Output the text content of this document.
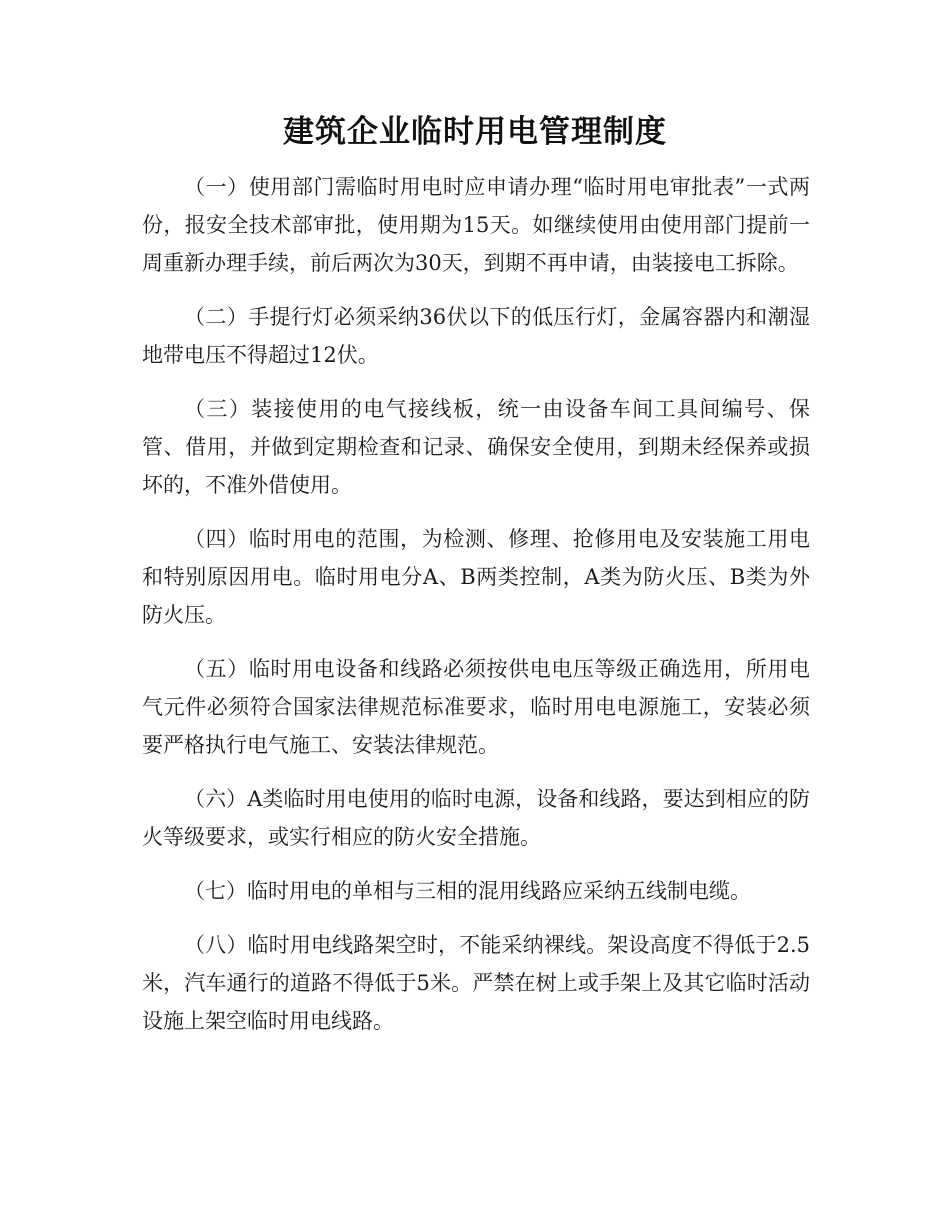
建筑企业临时用电管理制度

（一）使用部门需临时用电时应申请办理“临时用电审批表”一式两份，报安全技术部审批，使用期为15天。如继续使用由使用部门提前一周重新办理手续，前后两次为30天，到期不再申请，由装接电工拆除。

（二）手提行灯必须采纳36伏以下的低压行灯，金属容器内和潮湿地带电压不得超过12伏。

（三）装接使用的电气接线板，统一由设备车间工具间编号、保管、借用，并做到定期检查和记录、确保安全使用，到期未经保养或损坏的，不准外借使用。

（四）临时用电的范围，为检测、修理、抢修用电及安装施工用电和特别原因用电。临时用电分A、B两类控制，A类为防火压、B类为外防火压。

（五）临时用电设备和线路必须按供电电压等级正确选用，所用电气元件必须符合国家法律规范标准要求，临时用电电源施工，安装必须要严格执行电气施工、安装法律规范。

（六）A类临时用电使用的临时电源，设备和线路，要达到相应的防火等级要求，或实行相应的防火安全措施。

（七）临时用电的单相与三相的混用线路应采纳五线制电缆。

（八）临时用电线路架空时，不能采纳裸线。架设高度不得低于2.5米，汽车通行的道路不得低于5米。严禁在树上或手架上及其它临时活动设施上架空临时用电线路。
